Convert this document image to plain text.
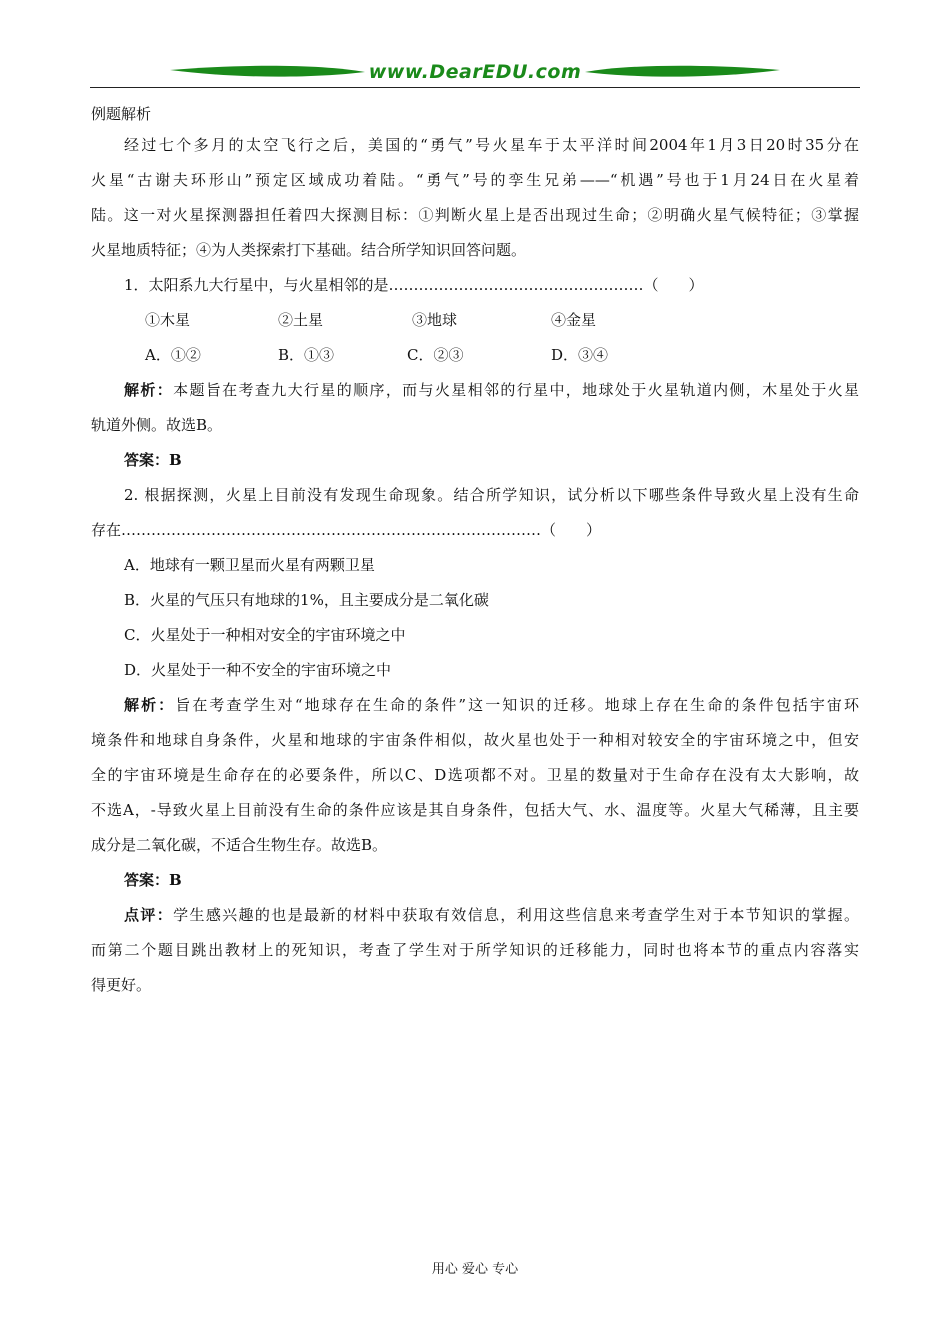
www.DearEDU.com
例题解析
经过七个多月的太空飞行之后，美国的“勇气”号火星车于太平洋时间2004年1月3日20时35分在
火星“古谢夫环形山”预定区域成功着陆。“勇气”号的孪生兄弟——“机遇”号也于1月24日在火星着
陆。这一对火星探测器担任着四大探测目标：①判断火星上是否出现过生命；②明确火星气候特征；③掌握
火星地质特征；④为人类探索打下基础。结合所学知识回答问题。
1．太阳系九大行星中，与火星相邻的是……………………………………………（　　）
①木星	②土星	③地球	④金星
A．①②	B．①③	C．②③	D．③④
解析：本题旨在考查九大行星的顺序，而与火星相邻的行星中，地球处于火星轨道内侧，木星处于火星
轨道外侧。故选B。
答案：B
2. 根据探测，火星上目前没有发现生命现象。结合所学知识，试分析以下哪些条件导致火星上没有生命
存在…………………………………………………………………………（　　）
A．地球有一颗卫星而火星有两颗卫星
B．火星的气压只有地球的1%，且主要成分是二氧化碳
C．火星处于一种相对安全的宇宙环境之中
D．火星处于一种不安全的宇宙环境之中
解析：旨在考查学生对“地球存在生命的条件”这一知识的迁移。地球上存在生命的条件包括宇宙环
境条件和地球自身条件，火星和地球的宇宙条件相似，故火星也处于一种相对较安全的宇宙环境之中，但安
全的宇宙环境是生命存在的必要条件，所以C、D选项都不对。卫星的数量对于生命存在没有太大影响，故
不选A，-导致火星上目前没有生命的条件应该是其自身条件，包括大气、水、温度等。火星大气稀薄，且主要
成分是二氧化碳，不适合生物生存。故选B。
答案：B
点评：学生感兴趣的也是最新的材料中获取有效信息，利用这些信息来考查学生对于本节知识的掌握。
而第二个题目跳出教材上的死知识，考查了学生对于所学知识的迁移能力，同时也将本节的重点内容落实
得更好。
用心 爱心 专心
